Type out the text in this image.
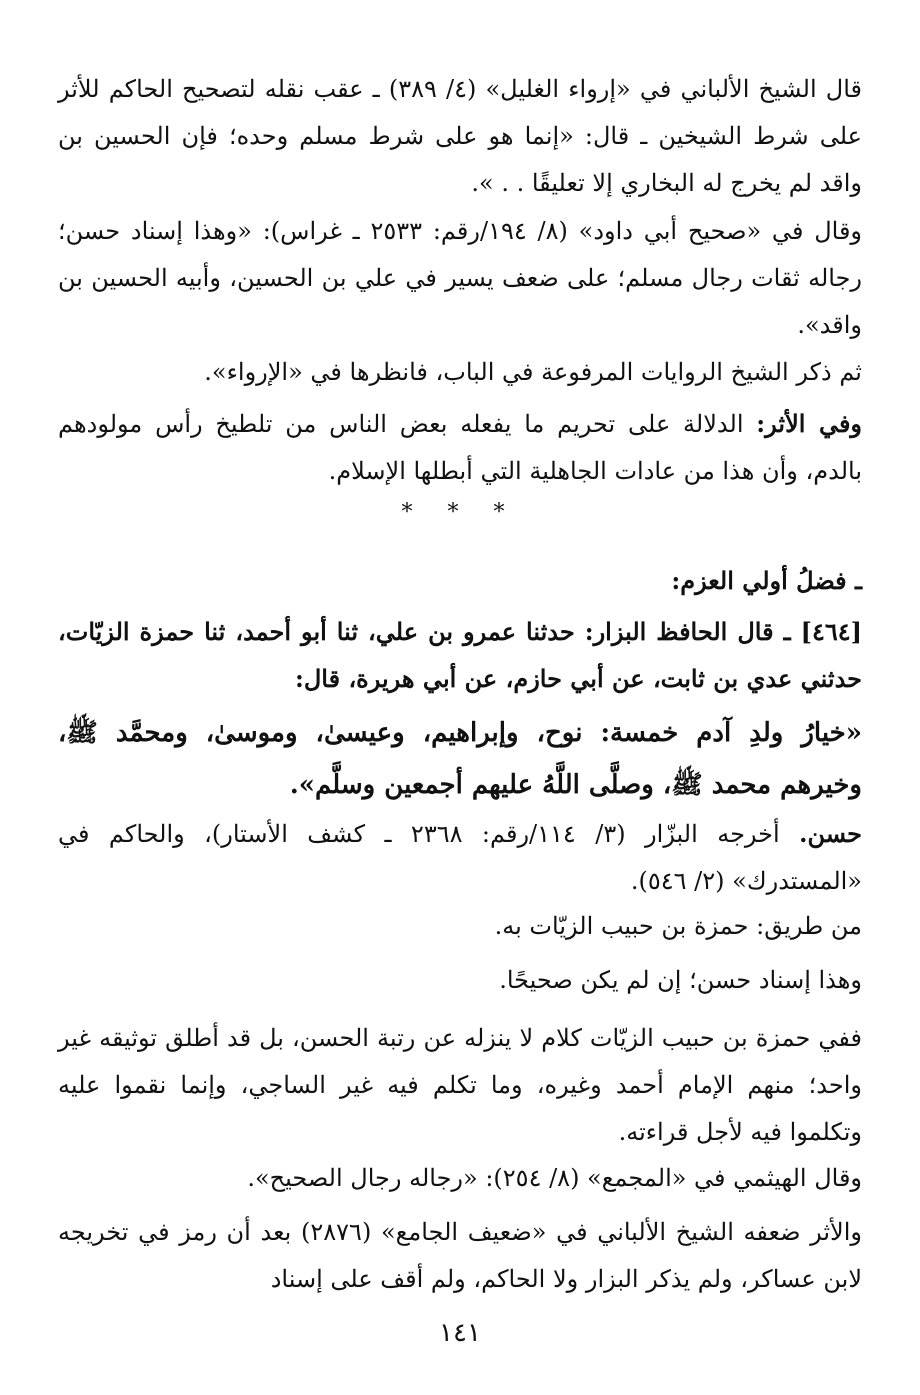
قال الشيخ الألباني في «إرواء الغليل» (٤/ ٣٨٩) ـ عقب نقله لتصحيح الحاكم للأثر على شرط الشيخين ـ قال: «إنما هو على شرط مسلم وحده؛ فإن الحسين بن واقد لم يخرج له البخاري إلا تعليقًا . . ».
وقال في «صحيح أبي داود» (٨/ ١٩٤/رقم: ٢٥٣٣ ـ غراس): «وهذا إسناد حسن؛ رجاله ثقات رجال مسلم؛ على ضعف يسير في علي بن الحسين، وأبيه الحسين بن واقد».
ثم ذكر الشيخ الروايات المرفوعة في الباب، فانظرها في «الإرواء».
وفي الأثر: الدلالة على تحريم ما يفعله بعض الناس من تلطيخ رأس مولودهم بالدم، وأن هذا من عادات الجاهلية التي أبطلها الإسلام.
* * *
ـ فضلُ أولي العزم:
[٤٦٤] ـ قال الحافظ البزار: حدثنا عمرو بن علي، ثنا أبو أحمد، ثنا حمزة الزيّات، حدثني عدي بن ثابت، عن أبي حازم، عن أبي هريرة، قال:
«خيارُ ولدِ آدم خمسة: نوح، وإبراهيم، وعيسىٰ، وموسىٰ، ومحمَّد ﷺ، وخيرهم محمد ﷺ، وصلَّى اللَّهُ عليهم أجمعين وسلَّم».
حسن. أخرجه البزّار (٣/ ١١٤/رقم: ٢٣٦٨ ـ كشف الأستار)، والحاكم في «المستدرك» (٢/ ٥٤٦).
من طريق: حمزة بن حبيب الزيّات به.
وهذا إسناد حسن؛ إن لم يكن صحيحًا.
ففي حمزة بن حبيب الزيّات كلام لا ينزله عن رتبة الحسن، بل قد أطلق توثيقه غير واحد؛ منهم الإمام أحمد وغيره، وما تكلم فيه غير الساجي، وإنما نقموا عليه وتكلموا فيه لأجل قراءته.
وقال الهيثمي في «المجمع» (٨/ ٢٥٤): «رجاله رجال الصحيح».
والأثر ضعفه الشيخ الألباني في «ضعيف الجامع» (٢٨٧٦) بعد أن رمز في تخريجه لابن عساكر، ولم يذكر البزار ولا الحاكم، ولم أقف على إسناد
١٤١
